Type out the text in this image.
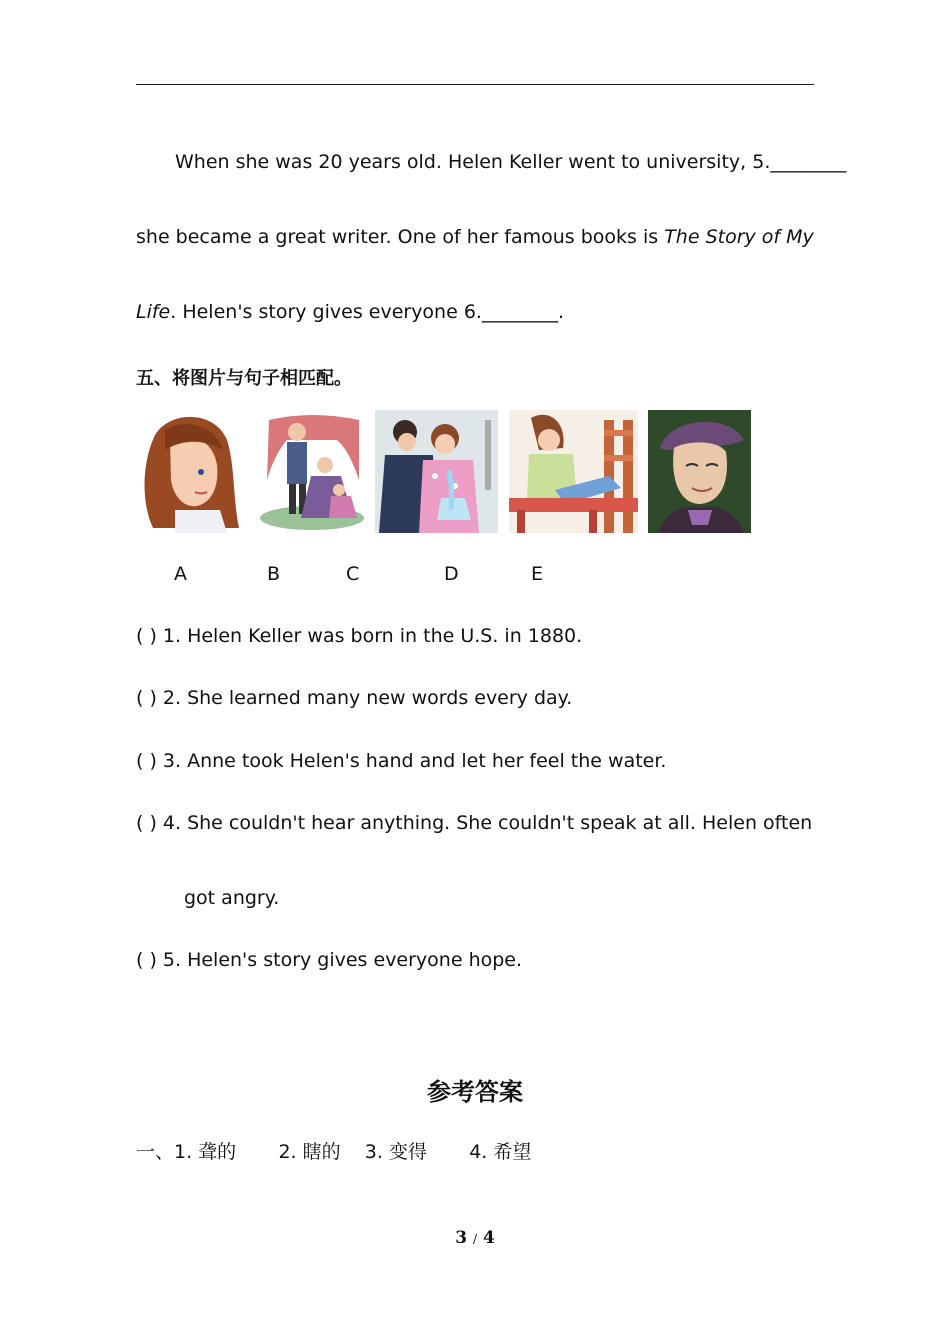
When she was 20 years old. Helen Keller went to university, 5.________
she became a great writer. One of her famous books is The Story of My
Life. Helen's story gives everyone 6.________.
五、将图片与句子相匹配。
A	B	C	D	E
( ) 1. Helen Keller was born in the U.S. in 1880.
( ) 2. She learned many new words every day.
( ) 3. Anne took Helen's hand and let her feel the water.
( ) 4. She couldn't hear anything. She couldn't speak at all. Helen often
got angry.
( ) 5. Helen's story gives everyone hope.
参考答案
一、1. 聋的       2. 瞎的    3. 变得       4. 希望
3 / 4
